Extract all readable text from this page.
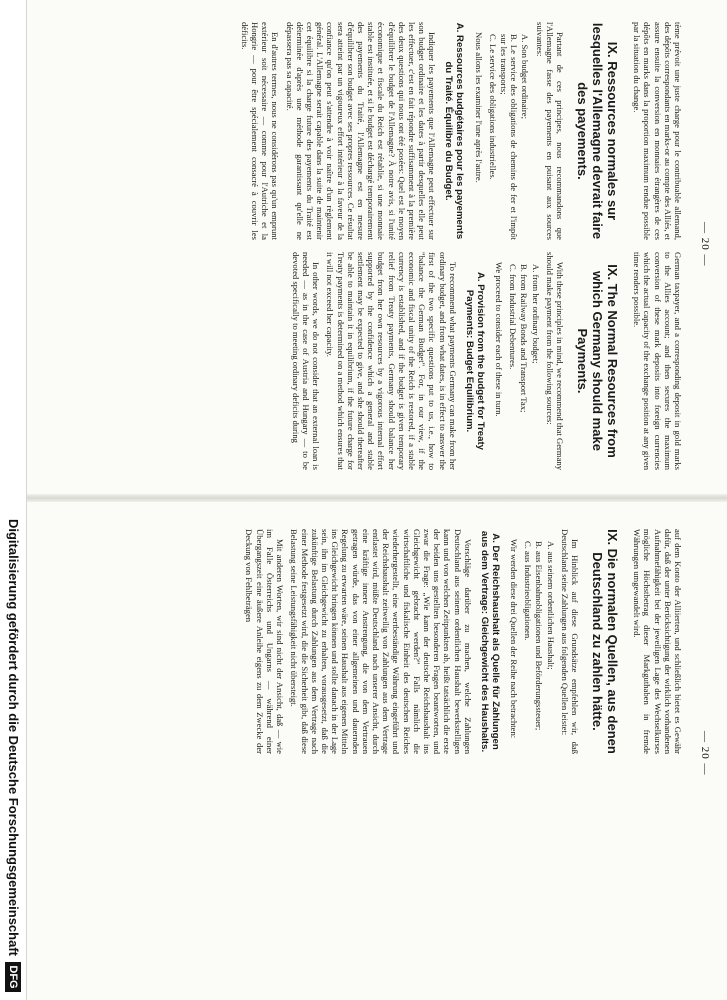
— 20 —

tème prévoit une juste charge pour le contribuable allemand, des dépôts correspondants en marks-or au compte des Alliés, et assure ensuite la conversion en monnaies étrangères de ces dépôts en marks dans la proportion maximum rendue possible par la situation du change.

IX. Ressources normales sur lesquelles l'Allemagne devrait faire des payements.

Partant de ces principes, nous recommandons que l'Allemagne fasse des payements en puisant aux sources suivantes:

A. Son budget ordinaire;
B. Le service des obligations de chemins de fer et l'impôt sur les transports;
C. Le service des obligations industrielles.

Nous allons les examiner l'une après l'autre.

A. Ressources budgétaires pour les payements du Traité. Équilibre du Budget.

Indiquer les payements que l'Allemagne peut effectuer sur son budget ordinaire et les dates à partir desquelles elle peut les effectuer, c'est en fait répondre suffisamment à la première des deux questions qui nous ont été posées: Quel est le moyen d'équilibrer le budget de l'Allemagne? À notre avis, si l'unité économique et fiscale du Reich est rétablie, si une monnaie stable est instituée, et si le budget est déchargé temporairement des payements du Traité, l'Allemagne est en mesure d'équilibrer son budget avec ses propres ressources. Ce résultat sera atteint par un vigoureux effort intérieur à la faveur de la confiance qu'on peut s'attendre à voir naître d'un règlement général. L'Allemagne serait capable dans la suite de maintenir cet équilibre si la charge future des payements du Traité est déterminée d'après une méthode garantissant qu'elle ne dépassera pas sa capacité.

En d'autres termes, nous ne considérons pas qu'un emprunt extérieur soit nécessaire — comme pour l'Autriche et la Hongrie — pour être spécialement consacré à couvrir les déficits.

German taxpayer, and a corresponding deposit in gold marks to the Allies account; and then secures the maximum conversion of these mark deposits into foreign currencies which the actual capacity of the exchange position at any given time renders possible.

IX. The Normal Resources from which Germany should make Payments.

With these principles in mind, we recommend that Germany should make payment from the following sources:

A. from her ordinary budget;
B. from Railway Bonds and Transport Tax;
C. from Industrial Debentures.

We proceed to consider each of these in turn.

A. Provision from the budget for Treaty Payments: Budget Equilibrium.

To recommend what payments Germany can make from her ordinary budget, and from what dates, is in effect to answer the first of the two specific questions put to us, i.e., how to "balance the German Budget". For, in our view, if the economic and fiscal unity of the Reich is restored, if a stable currency is established, and if the budget is given temporary relief from Treaty payments, Germany should balance her budget from her own resources by a vigorous internal effort supported by the confidence which a general and stable settlement may be expected to give, and she should thereafter be able to maintain it in equilibrium, if the future charge for Treaty payments is determined on a method which ensures that it will not exceed her capacity.

In other words, we do not consider that an external loan is needed — as in the case of Austria and Hungary — to be devoted specifically to meeting ordinary deficits during

— 20 —

auf dem Konto der Alliierten, und schließlich bietet es Gewähr dafür, daß der unter Berücksichtigung der wirklich vorhandenen Aufnahmefähigkeit bei der jeweiligen Lage des Wechselkurses mögliche Höchstbetrag dieser Markguthaben in fremde Währungen umgewandelt wird.

IX. Die normalen Quellen, aus denen Deutschland zu zahlen hätte.

Im Hinblick auf diese Grundsätze empfehlen wir, daß Deutschland seine Zahlungen aus folgenden Quellen leistet:

A. aus seinem ordentlichen Haushalt;
B. aus Eisenbahnobligationen und Beförderungssteuer;
C. aus Industrieobligationen.

Wir werden diese drei Quellen der Reihe nach betrachten:

A. Der Reichshaushalt als Quelle für Zahlungen aus dem Vertrage: Gleichgewicht des Haushalts.

Vorschläge darüber zu machen, welche Zahlungen Deutschland aus seinem ordentlichen Haushalt bewerkstelligen kann und von welchen Zeitpunkten ab, heißt tatsächlich die erste der beiden uns gestellten besonderen Fragen beantworten, und zwar die Frage: „Wie kann der deutsche Reichshaushalt ins Gleichgewicht gebracht werden?" Falls nämlich die wirtschaftliche und fiskalische Einheit des deutschen Reiches wiederhergestellt, eine wertbeständige Währung eingeführt und der Reichshaushalt zeitweilig von Zahlungen aus dem Vertrage entlastet wird, müßte Deutschland nach unserer Ansicht, durch eine kräftige innere Anstrengung, die von dem Vertrauen getragen würde, das von einer allgemeinen und dauernden Regelung zu erwarten wäre, seinen Haushalt aus eigenen Mitteln ins Gleichgewicht bringen können und sollte danach in der Lage sein, ihn im Gleichgewicht zu erhalten, vorausgesetzt, daß die zukünftige Belastung durch Zahlungen aus dem Vertrage nach einer Methode festgesetzt wird, die die Sicherheit gibt, daß diese Belastung seine Leistungsfähigkeit nicht übersteigt.

Mit anderen Worten, wir sind nicht der Ansicht, daß — wie im Falle Österreichs und Ungarns — während einer Übergangszeit eine äußere Anleihe eigens zu dem Zwecke der Deckung von Fehlbeträgen

Digitalisierung gefördert durch die Deutsche Forschungsgemeinschaft
DFG
